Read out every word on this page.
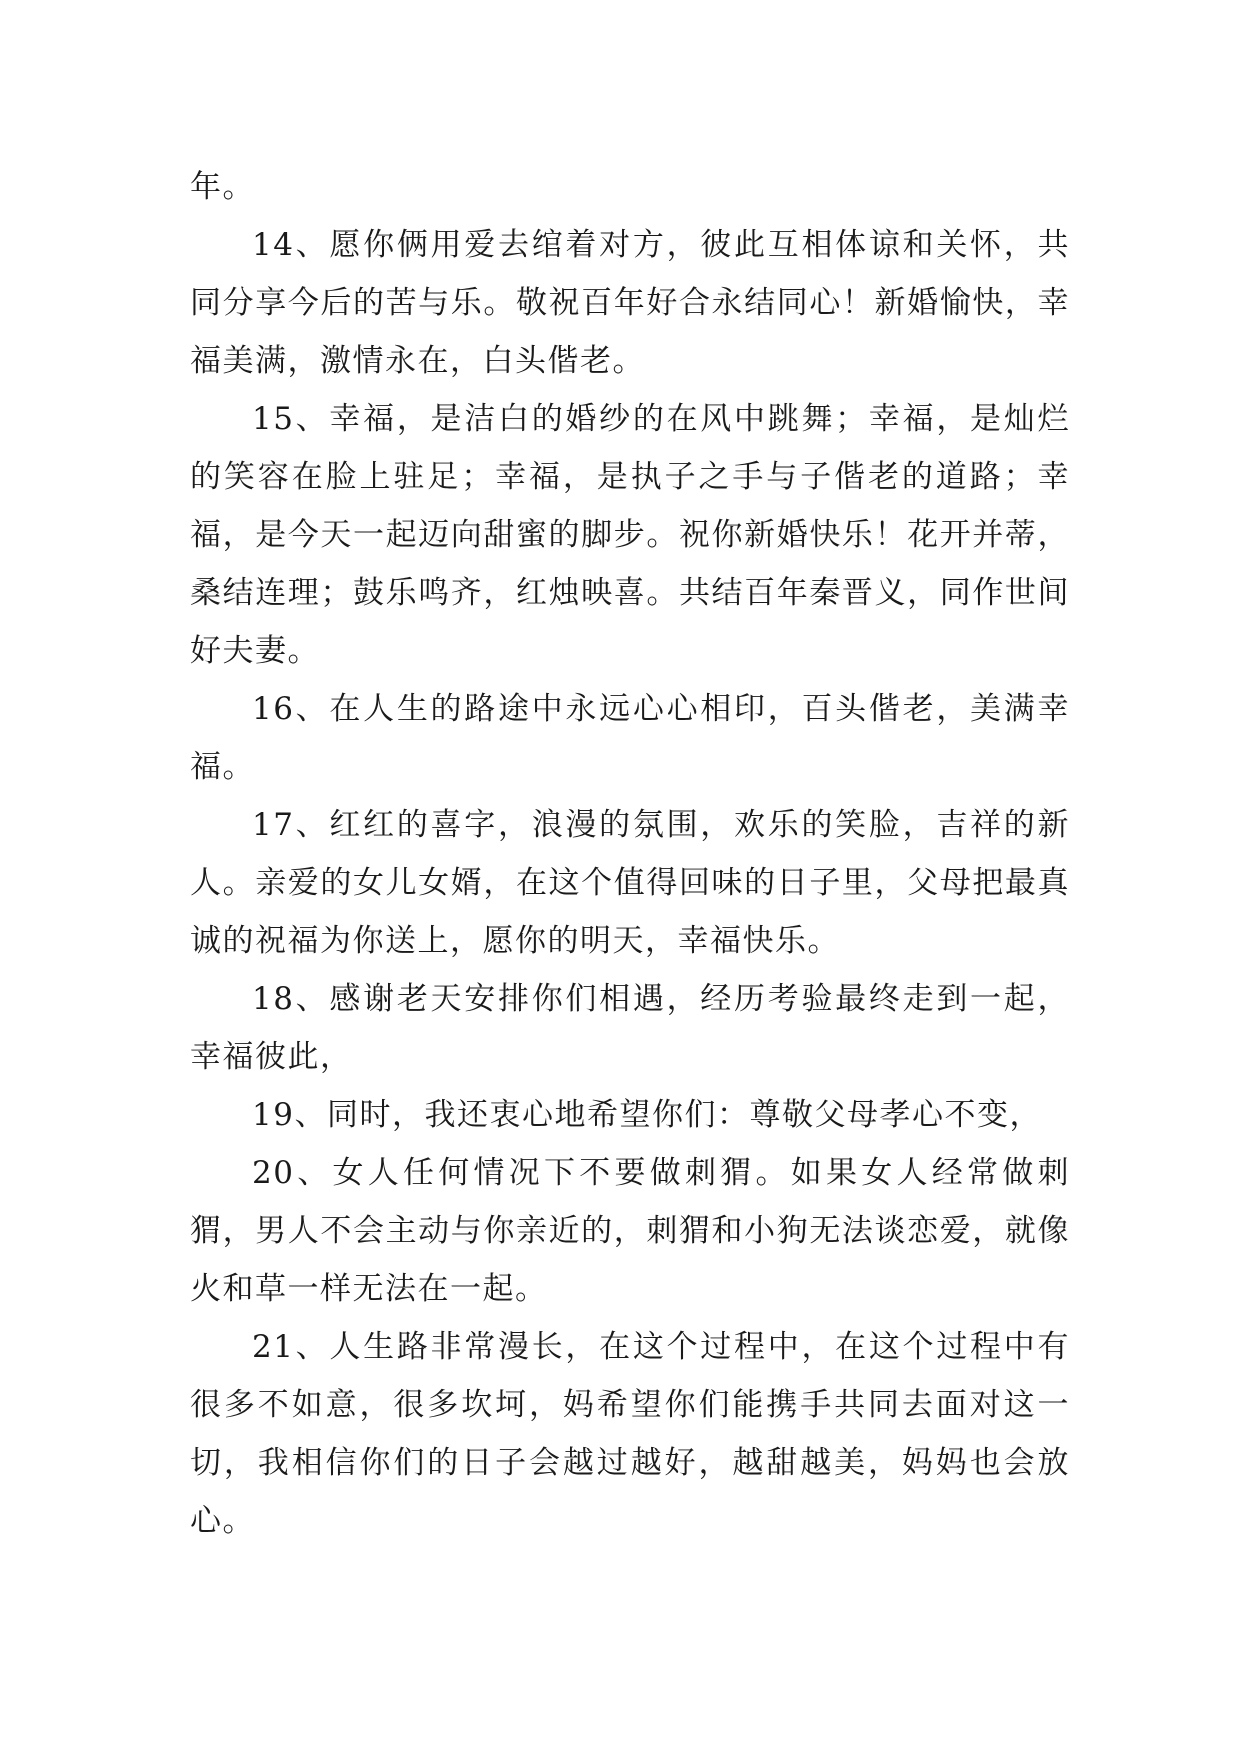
年。

14、愿你俩用爱去绾着对方，彼此互相体谅和关怀，共同分享今后的苦与乐。敬祝百年好合永结同心！新婚愉快，幸福美满，激情永在，白头偕老。

15、幸福，是洁白的婚纱的在风中跳舞；幸福，是灿烂的笑容在脸上驻足；幸福，是执子之手与子偕老的道路；幸福，是今天一起迈向甜蜜的脚步。祝你新婚快乐！花开并蒂，桑结连理；鼓乐鸣齐，红烛映喜。共结百年秦晋义，同作世间好夫妻。

16、在人生的路途中永远心心相印，百头偕老，美满幸福。

17、红红的喜字，浪漫的氛围，欢乐的笑脸，吉祥的新人。亲爱的女儿女婿，在这个值得回味的日子里，父母把最真诚的祝福为你送上，愿你的明天，幸福快乐。

18、感谢老天安排你们相遇，经历考验最终走到一起，幸福彼此，

19、同时，我还衷心地希望你们：尊敬父母孝心不变，

20、女人任何情况下不要做刺猬。如果女人经常做刺猬，男人不会主动与你亲近的，刺猬和小狗无法谈恋爱，就像火和草一样无法在一起。

21、人生路非常漫长，在这个过程中，在这个过程中有很多不如意，很多坎坷，妈希望你们能携手共同去面对这一切，我相信你们的日子会越过越好，越甜越美，妈妈也会放心。
